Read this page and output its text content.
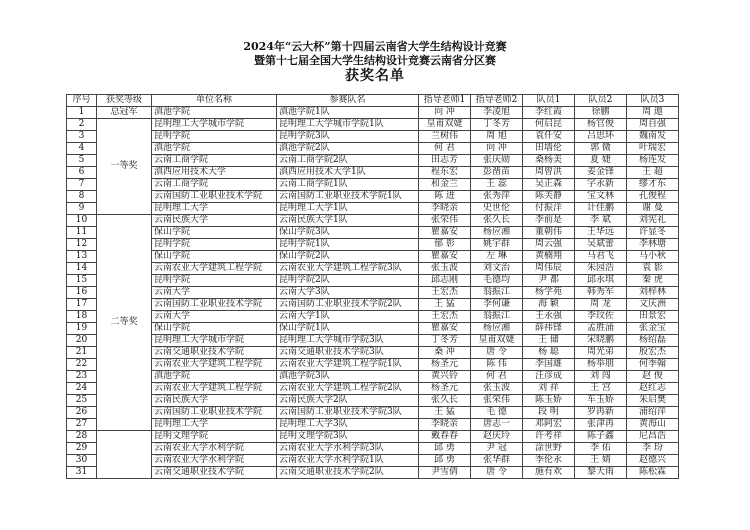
2024年“云大杯”第十四届云南省大学生结构设计竞赛
暨第十七届全国大学生结构设计竞赛云南省分区赛
获奖名单
序号	获奖等级	单位名称	参赛队名	指导老师1	指导老师2	队员1	队员2	队员3
1	总冠军	滇池学院	滇池学院1队	向 冲	李凌旭	李红霞	徐鹏	周 遨
2	一等奖	昆明理工大学城市学院	昆明理工大学城市学院1队	皇甫双婕	丁冬芳	何启昆	杨官俊	周自强
3		昆明学院	昆明学院3队	兰树伟	周 旭	袁仟安	吕思环	魏南发
4		滇池学院	滇池学院2队	何 君	向 冲	田墙伦	郭 微	叶瑞宏
5		云南工商学院	云南工商学院2队	田志芳	张庆勋	桑杨美	夏 婕	杨连发
6		滇西应用技术大学	滇西应用技术大学1队	程东宏	彭凿苗	周曾洪	姜金锋	王 超
7		云南工商学院	云南工商学院1队	和金兰	王 蕊	吴正森	字永新	缪才东
8		云南国防工业职业技术学院	云南国防工业职业技术学院1队	陈 进	张秀萍	陈芙静	宝文林	孔俊程
9		昆明理工大学	昆明理工大学1队	李晓亲	史世伦	付振洋	计佳鹏	谢 曼
10	二等奖	云南民族大学	云南民族大学1队	张荣伟	张久长	李前是	李 斌	刘宪礼
11		保山学院	保山学院3队	瞿嘉安	杨应湘	董朝伟	王华远	许显冬
12		昆明学院	昆明学院1队	郁 彰	姚宇群	周云强	吴斌蕾	李林塘
13		保山学院	保山学院2队	瞿嘉安	左 琳	黄楠翔	马君飞	马小秋
14		云南农业大学建筑工程学院	云南农业大学建筑工程学院3队	张玉波	刘文治	周伟辰	朱园浩	袁 影
15		昆明学院	昆明学院2队	邱志刚	毛德均	尹 都	邱永琪	秦 虎
16		云南大学	云南大学3队	王宏杰	翁振江	杨学苑	韩秀军	刘梓林
17		云南国防工业职业技术学院	云南国防工业职业技术学院2队	王 猛	李何谦	海 颖	周 龙	文庆洲
18		云南大学	云南大学1队	王宏杰	翁振江	王永强	李玟佐	田景宏
19		保山学院	保山学院1队	瞿嘉安	杨应湘	薛祎锋	孟胜涌	张金宝
20		昆明理工大学城市学院	昆明理工大学城市学院3队	丁冬芳	皇甫双婕	王 储	宋晓鹏	杨绍磊
21		云南交通职业技术学院	云南交通职业技术学院3队	桑 冲	唐 令	杨 聪	周光弟	殷宏杰
22		云南农业大学建筑工程学院	云南农业大学建筑工程学院1队	杨圣元	陈 伟	李国雄	杨举朋	何季翰
23		滇池学院	滇池学院3队	黄兴铃	何 君	汪彦成	刘 闯	赵 俊
24		云南农业大学建筑工程学院	云南农业大学建筑工程学院2队	杨圣元	张玉波	刘 祥	王 宫	赵红志
25		云南民族大学	云南民族大学2队	张久长	张荣伟	陈玉娇	车玉娇	朱启樊
26		云南国防工业职业技术学院	云南国防工业职业技术学院3队	王 猛	毛 德	段 明	罗再新	浦绍萍
27		昆明理工大学	昆明理工大学3队	李晓亲	唐志一	邓阿宏	张津再	黄海山
28		昆明文理学院	昆明文理学院3队	戴春春	赵庆玲	许考祥	陈子鑫	尼昌浩
29		云南农业大学水利学院	云南农业大学水利学院3队	邱 勇	尹 冠	涂世野	李 佑	李 玢
30		云南农业大学水利学院	云南农业大学水利学院1队	邱 勇	张华群	季伦永	王 婧	赵德兴
31		云南交通职业技术学院	云南交通职业技术学院2队	尹雪倩	唐 令	施有欢	黎天雨	陈松霖
